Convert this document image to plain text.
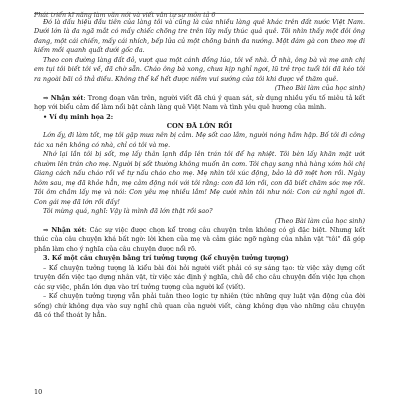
Phát triển kĩ năng làm văn nói và viết văn tự sự môn tả 6

Đó là dấu hiệu đầu tiên của làng tôi và cũng là của nhiều làng quê khác trên đất nước Việt Nam. Dưới lớn là đa ngã mắt có mấy chiếc chõng tre trên lũy mấy thúc quả quê. Tôi nhìn thấy một đôi ông đang, một cái chiến, mấy cái nhích, bếp lửa củ một chõng bánh đa nướng. Một đám gà con theo mẹ đi kiếm mồi quanh quất dưới gốc đa.

Theo con đường làng đất đỏ, vượt qua một cánh đồng lúa, tôi về nhà. Ở nhà, ông bà và mẹ anh chị em tụi tôi biết tôi về, đã chờ sẵn. Cháo ông bà xong, chưa kịp nghỉ ngơi, lũ trẻ trọc tuổi tôi đã kéo tôi ra ngoài bãi cỏ thả diều. Không thể kể hết được niềm vui sướng của tôi khi được về thăm quê.

(Theo Bài làm của học sinh)

⇒ Nhận xét: Trong đoạn văn trên, người viết đã chú ý quan sát, sử dụng nhiều yếu tố miêu tả kết hợp với biểu cảm để làm nổi bật cảnh làng quê Việt Nam và tình yêu quê hương của mình.

• Ví dụ minh họa 2:

CON ĐÃ LỚN RỒI

Lớn ấy, đi làm tốt, mẹ tôi gặp mưa nên bị cảm. Mẹ sốt cao lắm, người nóng hầm hập. Bố tôi đi công tác xa nên không có nhà, chỉ có tôi và mẹ.

Nhớ lại lần tôi bị sốt, mẹ lấy thân lạnh đắp lên trán tôi để hạ nhiệt. Tôi bèn lấy khăn mặt ướt chườm lên trán cho mẹ. Người bị sốt thường không muốn ăn cơm. Tôi chạy sang nhà hàng xóm hỏi chị Giang cách nấu cháo rồi về tự nấu cháo cho mẹ. Mẹ nhìn tôi xúc động, bảo là đỡ mệt hơn rồi. Ngày hôm sau, mẹ đã khỏe hẳn, mẹ cảm động nói với tôi rằng: con đã lớn rồi, con đã biết chăm sóc mẹ rồi. Tôi ôm chầm lấy mẹ và nói: Con yêu mẹ nhiều lắm! Mẹ cười nhìn tôi như nói: Con cứ nghỉ ngơi đi. Con gái mẹ đã lớn rồi đấy!

Tôi mừng quá, nghĩ: Vậy là mình đã lớn thật rồi sao?

(Theo Bài làm của học sinh)

⇒ Nhận xét: Các sự việc được chọn kể trong câu chuyện trên không có gì đặc biệt. Nhưng kết thúc của câu chuyện khá bất ngờ: lời khen của mẹ và cảm giác ngỡ ngàng của nhân vật "tôi" đã góp phần làm cho ý nghĩa của câu chuyện được nổi rõ.

3. Kể một câu chuyện bằng trí tưởng tượng (kể chuyện tưởng tượng)

– Kể chuyện tưởng tượng là kiểu bài đòi hỏi người viết phải có sự sáng tạo: từ việc xây dựng cốt truyện đến việc tạo dựng nhân vật, từ việc xác định ý nghĩa, chủ đề cho câu chuyện đến việc lựa chọn các sự việc, phần lớn dựa vào trí tưởng tượng của người kể (viết).

– Kể chuyện tưởng tượng vẫn phải tuân theo logic tự nhiên (tức những quy luật vận động của đời sống) chứ không dựa vào suy nghĩ chủ quan của người viết, càng không dựa vào những câu chuyện đã có thể thoát ly hẳn.

10
